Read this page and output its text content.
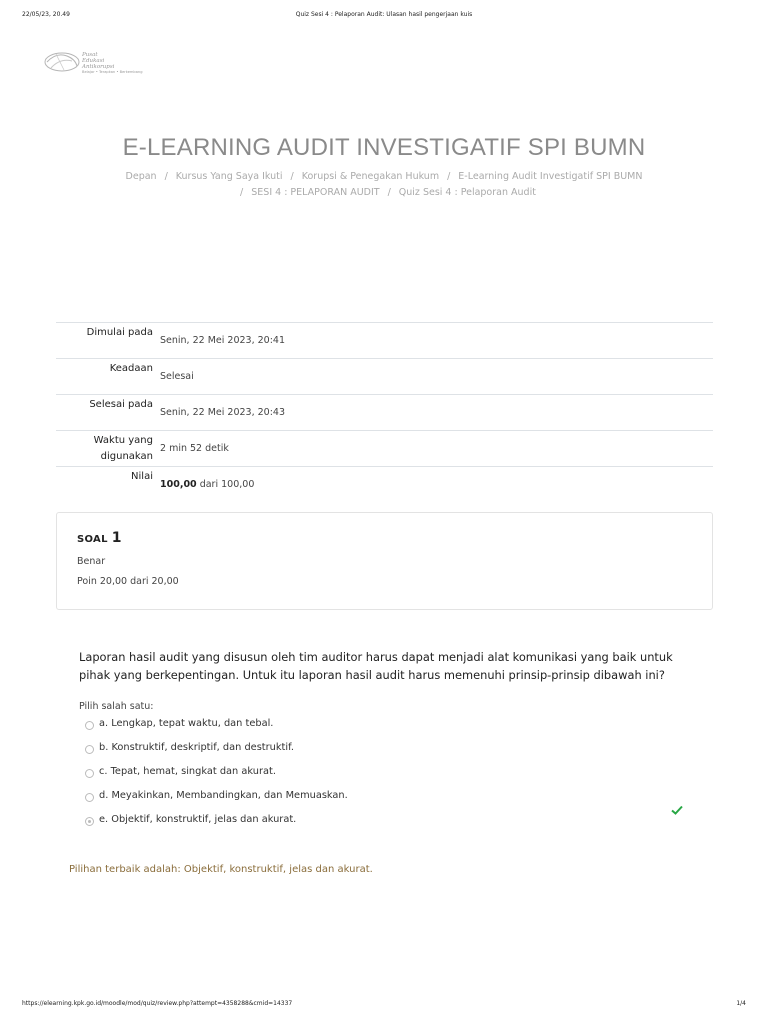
22/05/23, 20.49	Quiz Sesi 4 : Pelaporan Audit: Ulasan hasil pengerjaan kuis
Pusat
Edukasi
Antikorupsi
Belajar • Terapkan • Berkembang
E-LEARNING AUDIT INVESTIGATIF SPI BUMN
Depan / Kursus Yang Saya Ikuti / Korupsi & Penegakan Hukum / E-Learning Audit Investigatif SPI BUMN
/ SESI 4 : PELAPORAN AUDIT / Quiz Sesi 4 : Pelaporan Audit
Dimulai pada
Senin, 22 Mei 2023, 20:41
Keadaan
Selesai
Selesai pada
Senin, 22 Mei 2023, 20:43
Waktu yang digunakan
2 min 52 detik
Nilai
100,00 dari 100,00
SOAL 1
Benar
Poin 20,00 dari 20,00
Laporan hasil audit yang disusun oleh tim auditor harus dapat menjadi alat komunikasi yang baik untuk pihak yang berkepentingan. Untuk itu laporan hasil audit harus memenuhi prinsip-prinsip dibawah ini?
Pilih salah satu:
a. Lengkap, tepat waktu, dan tebal.
b. Konstruktif, deskriptif, dan destruktif.
c. Tepat, hemat, singkat dan akurat.
d. Meyakinkan, Membandingkan, dan Memuaskan.
e. Objektif, konstruktif, jelas dan akurat.
Pilihan terbaik adalah: Objektif, konstruktif, jelas dan akurat.
https://elearning.kpk.go.id/moodle/mod/quiz/review.php?attempt=4358288&cmid=14337	1/4
